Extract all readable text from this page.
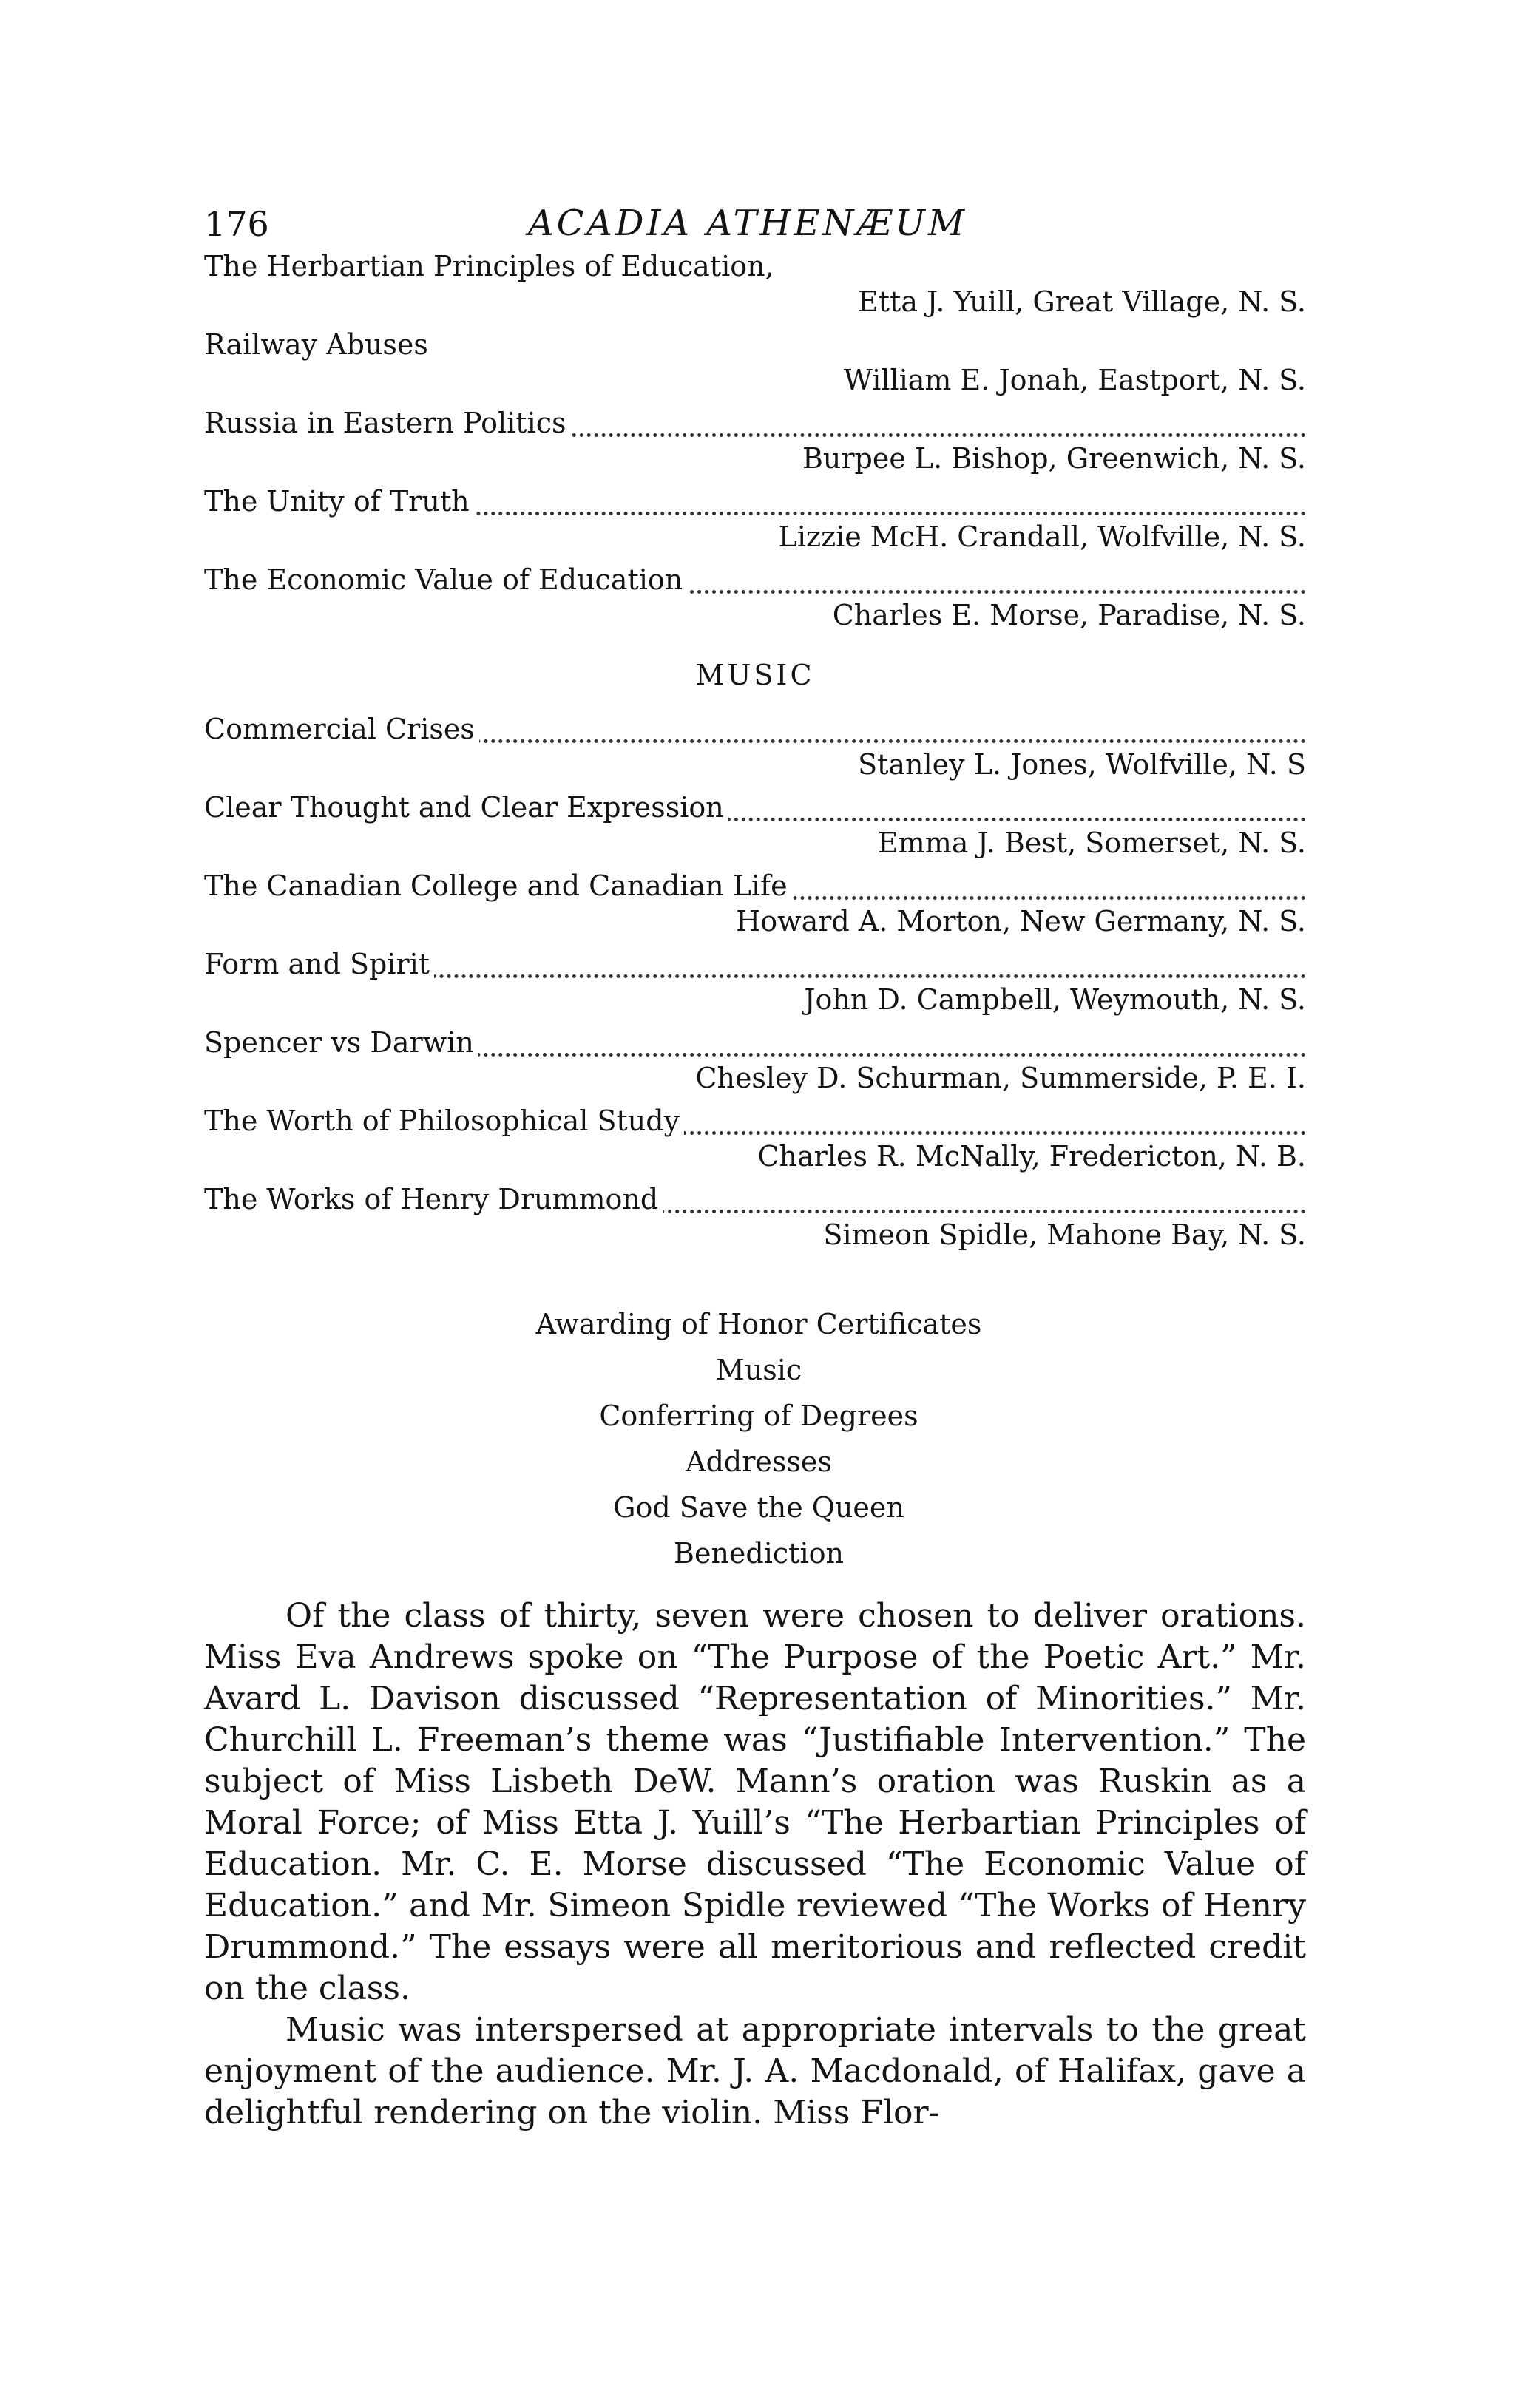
176	ACADIA ATHENÆUM
The Herbartian Principles of Education,
Etta J. Yuill, Great Village, N. S.
Railway Abuses
William E. Jonah, Eastport, N. S.
Russia in Eastern Politics
Burpee L. Bishop, Greenwich, N. S.
The Unity of Truth
Lizzie McH. Crandall, Wolfville, N. S.
The Economic Value of Education
Charles E. Morse, Paradise, N. S.
MUSIC
Commercial Crises
Stanley L. Jones, Wolfville, N. S
Clear Thought and Clear Expression
Emma J. Best, Somerset, N. S.
The Canadian College and Canadian Life
Howard A. Morton, New Germany, N. S.
Form and Spirit
John D. Campbell, Weymouth, N. S.
Spencer vs Darwin
Chesley D. Schurman, Summerside, P. E. I.
The Worth of Philosophical Study
Charles R. McNally, Fredericton, N. B.
The Works of Henry Drummond
Simeon Spidle, Mahone Bay, N. S.
Awarding of Honor Certificates
Music
Conferring of Degrees
Addresses
God Save the Queen
Benediction

Of the class of thirty, seven were chosen to deliver orations. Miss Eva Andrews spoke on “The Purpose of the Poetic Art.” Mr. Avard L. Davison discussed “Representation of Minorities.” Mr. Churchill L. Freeman’s theme was “Justifiable Intervention.” The subject of Miss Lisbeth DeW. Mann’s oration was Ruskin as a Moral Force; of Miss Etta J. Yuill’s “The Herbartian Principles of Education. Mr. C. E. Morse discussed “The Economic Value of Education.” and Mr. Simeon Spidle reviewed “The Works of Henry Drummond.” The essays were all meritorious and reflected credit on the class.

Music was interspersed at appropriate intervals to the great enjoyment of the audience. Mr. J. A. Macdonald, of Halifax, gave a delightful rendering on the violin. Miss Flor-
